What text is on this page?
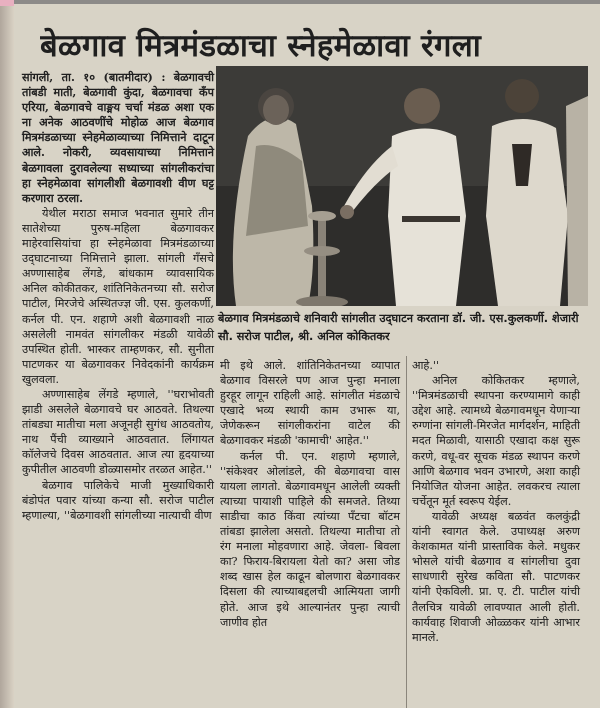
बेळगाव मित्रमंडळाचा स्नेहमेळावा रंगला

सांगली, ता. १० (बातमीदार) : बेळगावची तांबडी माती, बेळगावी कुंदा, बेळगावचा कँप एरिया, बेळगावचे वाङ्मय चर्चा मंडळ अशा एक ना अनेक आठवणींचे मोहोळ आज बेळगाव मित्रमंडळाच्या स्नेहमेळाव्याच्या निमित्ताने दाटून आले. नोकरी, व्यवसायाच्या निमित्ताने बेळगावला दुरावलेल्या सध्याच्या सांगलीकरांचा हा स्नेहमेळावा सांगलीशी बेळगावशी वीण घट्ट करणारा ठरला.

येथील मराठा समाज भवनात सुमारे तीन सातेशेच्या पुरुष-महिला बेळगावकर माहेरवासियांचा हा स्नेहमेळावा मित्रमंडळाच्या उद्‌घाटनाच्या निमित्ताने झाला. सांगली गँसचे अण्णासाहेब लेंगडे, बांधकाम व्यावसायिक अनिल कोकीतकर, शांतिनिकेतनच्या सौ. सरोज पाटील, मिरजेचे अस्थितज्ज्ञ जी. एस. कुलकर्णी, कर्नल पी. एन. शहाणे अशी बेळगावशी नाळ असलेली नामवंत सांगलीकर मंडळी यावेळी उपस्थित होती. भास्कर ताम्हणकर, सौ. सुनीता पाटणकर या बेळगावकर निवेदकांनी कार्यक्रम खुलवला.

अण्णासाहेब लेंगडे म्हणाले, ''घराभोवती झाडी असलेले बेळगावचे घर आठवते. तिथल्या तांबड्या मातीचा मला अजूनही सुगंध आठवतोय, नाथ पैंची व्याख्याने आठवतात. लिंगायत कॉलेजचे दिवस आठवतात. आज त्या हृदयाच्या कुपीतील आठवणी डोळ्यासमोर तरळत आहेत.''

बेळगाव पालिकेचे माजी मुख्याधिकारी बंडोपंत पवार यांच्या कन्या सौ. सरोज पाटील म्हणाल्या, ''बेळगावशी सांगलीच्या नात्याची वीण

बेळगाव मित्रमंडळाचे शनिवारी सांगलीत उद्‌घाटन करताना डॉ. जी. एस.कुलकर्णी. शेजारी सौ. सरोज पाटील, श्री. अनिल कोकितकर

मी इथे आले. शांतिनिकेतनच्या व्यापात बेळगाव विसरले पण आज पुन्हा मनाला हुरहूर लागून राहिली आहे. सांगलीत मंडळाचे एखादे भव्य स्थायी काम उभारू या, जेणेकरून सांगलीकरांना वाटेल की बेळगावकर मंडळी 'कामाची' आहेत.''

कर्नल पी. एन. शहाणे म्हणाले, ''संकेश्वर ओलांडले, की बेळगावचा वास यायला लागतो. बेळगावमधून आलेली व्यक्ती त्याच्या पायाशी पाहिले की समजते. तिथ्या साडीचा काठ किंवा त्यांच्या पँटचा बॉटम तांबडा झालेला असतो. तिथल्या मातीचा तो रंग मनाला मोहवणारा आहे. जेवला- बिवला का? फिराय-बिरायला येतो का? असा जोड शब्द खास हेल काढून बोलणारा बेळगावकर दिसला की त्याच्याबद्दलची आत्मियता जागी होते. आज इथे आल्यानंतर पुन्हा त्याची जाणीव होत

आहे.''

अनिल कोकितकर म्हणाले, ''मित्रमंडळाची स्थापना करण्यामागे काही उद्देश आहे. त्यामध्ये बेळगावमधून येणाऱ्या रुग्णांना सांगली-मिरजेत मार्गदर्शन, माहिती मदत मिळावी, यासाठी एखादा कक्ष सुरू करणे, वधू-वर सूचक मंडळ स्थापन करणे आणि बेळगाव भवन उभारणे, अशा काही नियोजित योजना आहेत. लवकरच त्याला चर्चेतून मूर्त स्वरूप येईल.

यावेळी अध्यक्ष बळवंत कलकुंद्री यांनी स्वागत केले. उपाध्यक्ष अरुण केशकामत यांनी प्रास्ताविक केले. मधुकर भोसले यांची बेळगाव व सांगलीचा दुवा साधणारी सुरेख कविता सौ. पाटणकर यांनी ऐकविली. प्रा. ए. टी. पाटील यांची तैलचित्र यावेळी लावण्यात आली होती. कार्यवाह शिवाजी ओळ्ळकर यांनी आभार मानले.
